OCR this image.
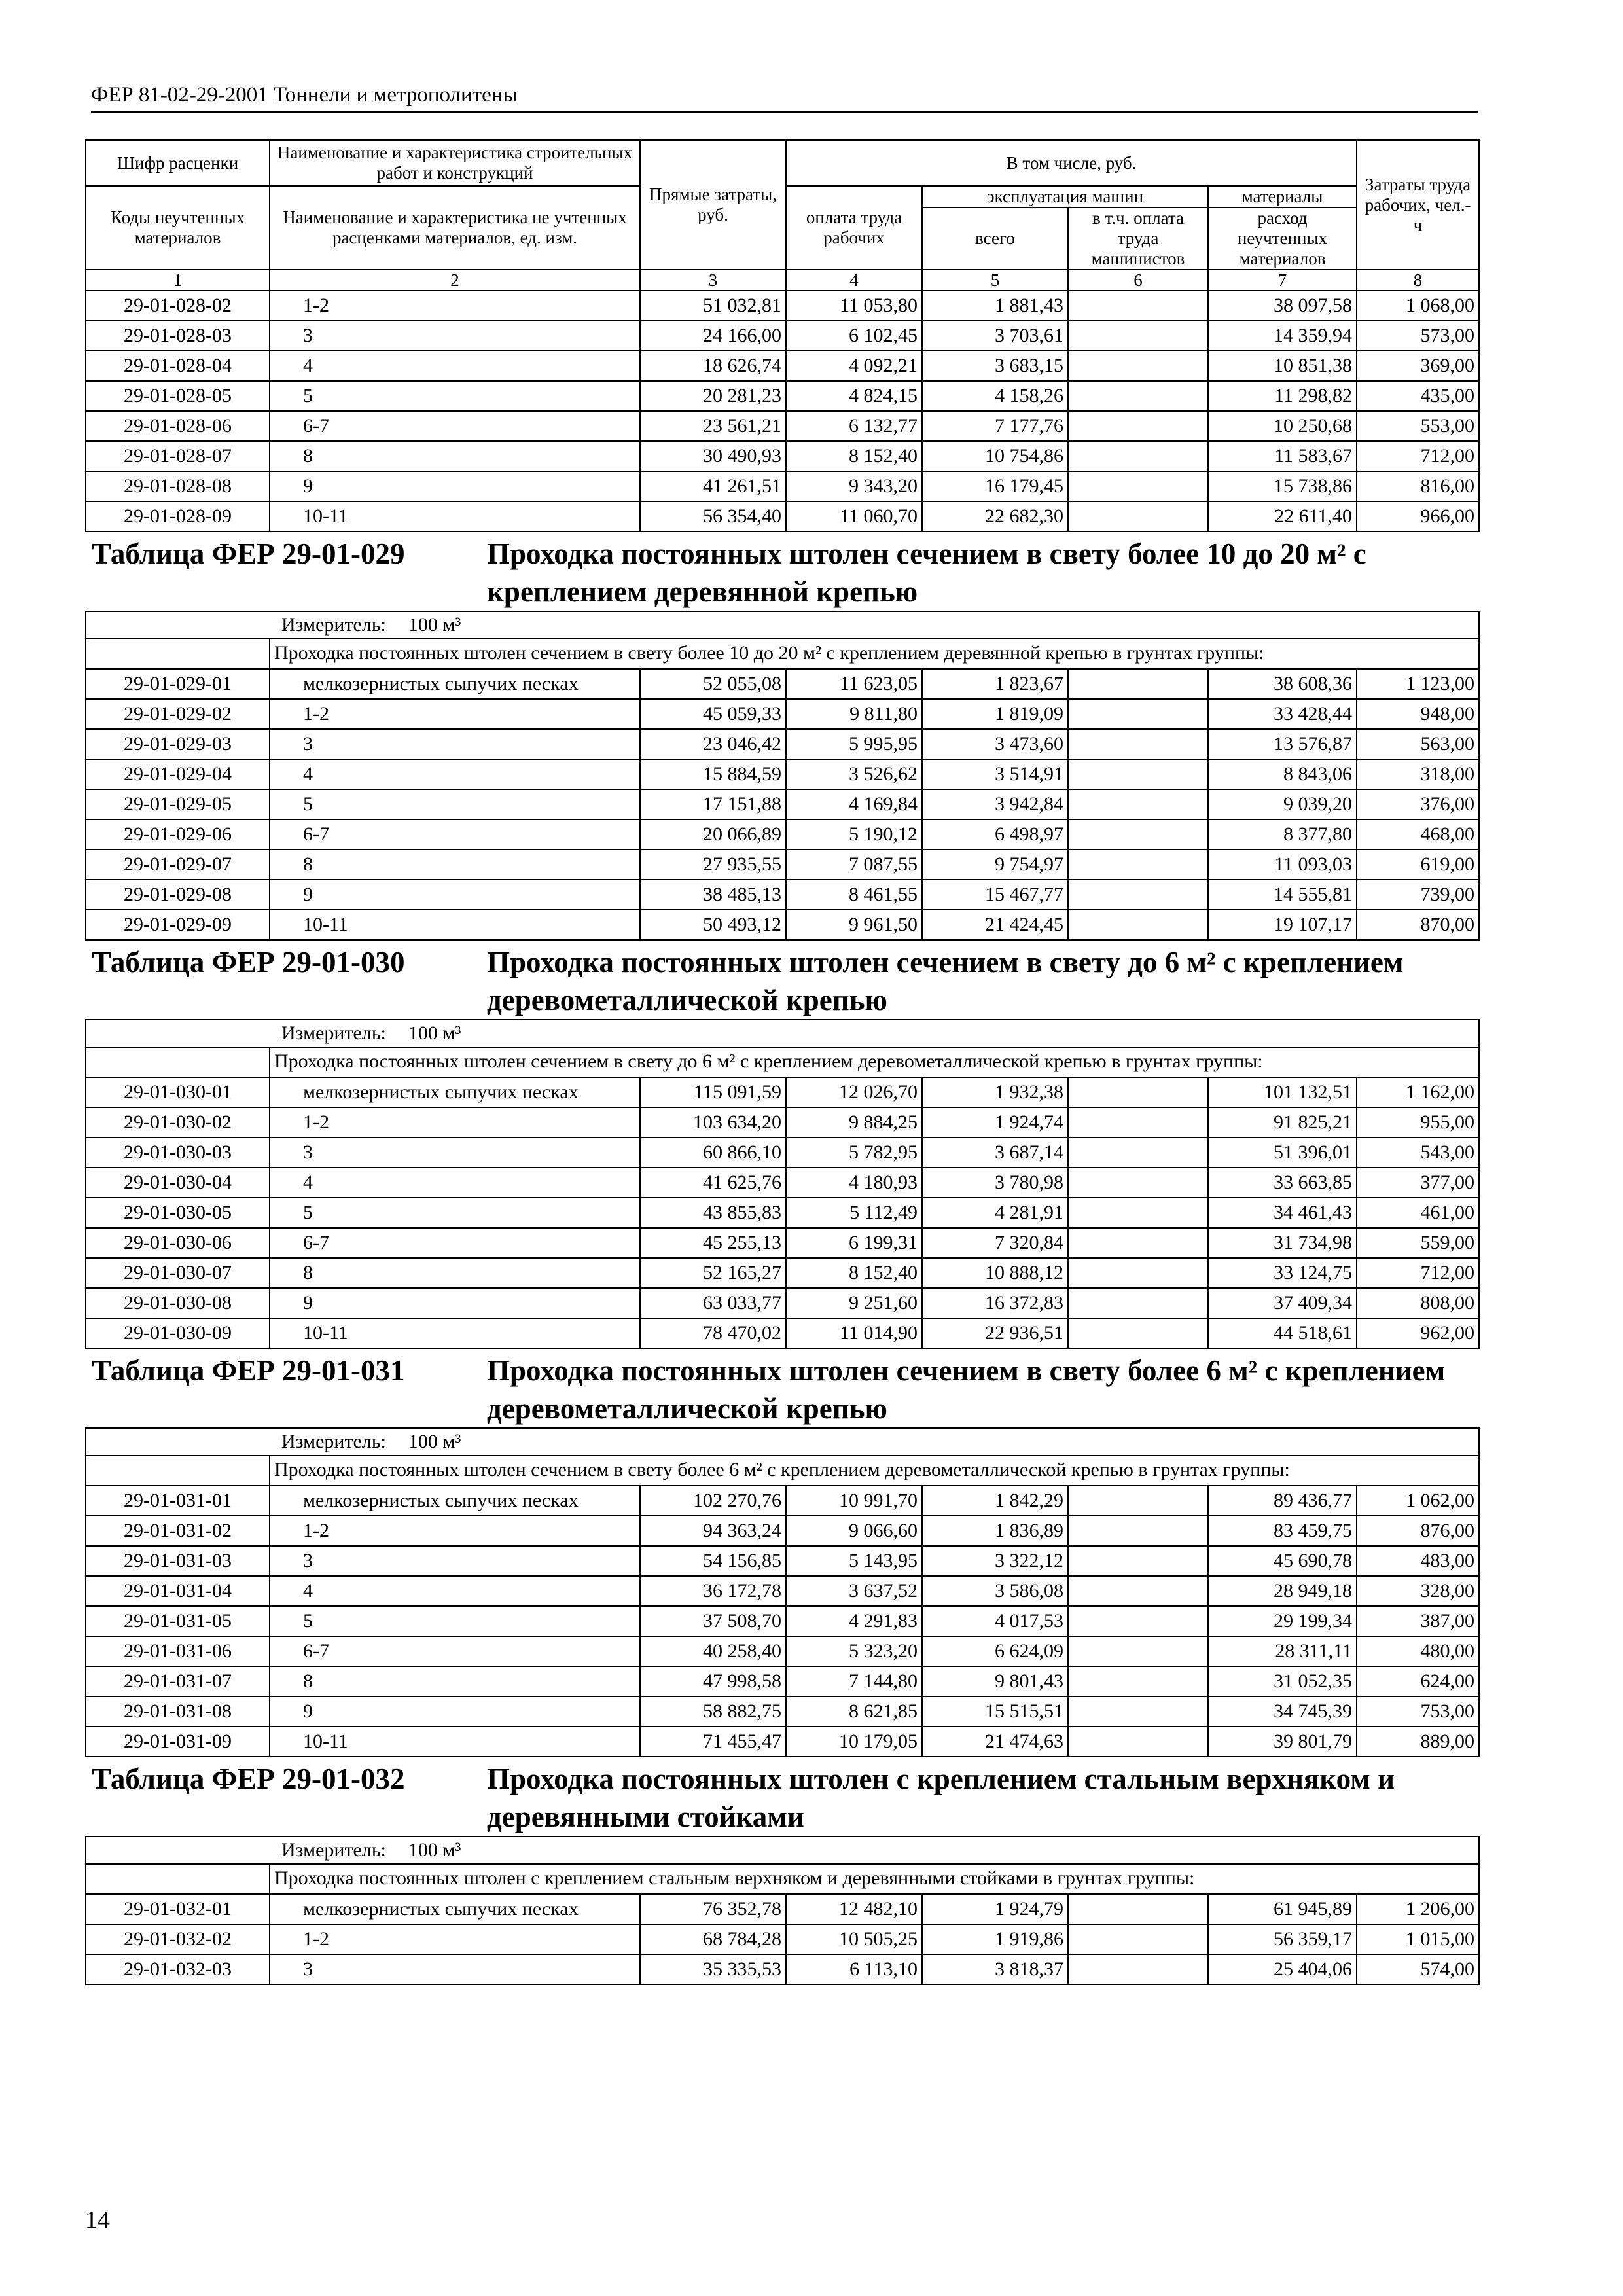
ФЕР 81-02-29-2001 Тоннели и метрополитены
Шифр расценки	Наименование и характеристика строительных работ и конструкций	Прямые затраты, руб.	В том числе, руб.				Затраты труда рабочих, чел.-ч	
Коды неучтенных материалов	Наименование и характеристика не учтенных расценками материалов, ед. изм.		оплата труда рабочих	эксплуатация машин		материалы		
				всего	в т.ч. оплата труда машинистов	расход неучтенных материалов		

1	2	3	4	5	6	7	8	
29-01-028-02	1-2	51 032,81	11 053,80	1 881,43		38 097,58	1 068,00	
29-01-028-03	3	24 166,00	6 102,45	3 703,61		14 359,94	573,00	
29-01-028-04	4	18 626,74	4 092,21	3 683,15		10 851,38	369,00	
29-01-028-05	5	20 281,23	4 824,15	4 158,26		11 298,82	435,00	
29-01-028-06	6-7	23 561,21	6 132,77	7 177,76		10 250,68	553,00	
29-01-028-07	8	30 490,93	8 152,40	10 754,86		11 583,67	712,00	
29-01-028-08	9	41 261,51	9 343,20	16 179,45		15 738,86	816,00	
29-01-028-09	10-11	56 354,40	11 060,70	22 682,30		22 611,40	966,00	

Таблица ФЕР 29-01-029 Проходка постоянных штолен сечением в свету более 10 до 20 м² с креплением деревянной крепью								

Измеритель: 100 м³								

	Проходка постоянных штолен сечением в свету более 10 до 20 м² с креплением деревянной крепью в грунтах группы:							
29-01-029-01	мелкозернистых сыпучих песках	52 055,08	11 623,05	1 823,67		38 608,36	1 123,00	
29-01-029-02	1-2	45 059,33	9 811,80	1 819,09		33 428,44	948,00	
29-01-029-03	3	23 046,42	5 995,95	3 473,60		13 576,87	563,00	
29-01-029-04	4	15 884,59	3 526,62	3 514,91		8 843,06	318,00	
29-01-029-05	5	17 151,88	4 169,84	3 942,84		9 039,20	376,00	
29-01-029-06	6-7	20 066,89	5 190,12	6 498,97		8 377,80	468,00	
29-01-029-07	8	27 935,55	7 087,55	9 754,97		11 093,03	619,00	
29-01-029-08	9	38 485,13	8 461,55	15 467,77		14 555,81	739,00	
29-01-029-09	10-11	50 493,12	9 961,50	21 424,45		19 107,17	870,00	

Таблица ФЕР 29-01-030 Проходка постоянных штолен сечением в свету до 6 м² с креплением деревометаллической крепью								

Измеритель: 100 м³								

	Проходка постоянных штолен сечением в свету до 6 м² с креплением деревометаллической крепью в грунтах группы:							
29-01-030-01	мелкозернистых сыпучих песках	115 091,59	12 026,70	1 932,38		101 132,51	1 162,00	
29-01-030-02	1-2	103 634,20	9 884,25	1 924,74		91 825,21	955,00	
29-01-030-03	3	60 866,10	5 782,95	3 687,14		51 396,01	543,00	
29-01-030-04	4	41 625,76	4 180,93	3 780,98		33 663,85	377,00	
29-01-030-05	5	43 855,83	5 112,49	4 281,91		34 461,43	461,00	
29-01-030-06	6-7	45 255,13	6 199,31	7 320,84		31 734,98	559,00	
29-01-030-07	8	52 165,27	8 152,40	10 888,12		33 124,75	712,00	
29-01-030-08	9	63 033,77	9 251,60	16 372,83		37 409,34	808,00	
29-01-030-09	10-11	78 470,02	11 014,90	22 936,51		44 518,61	962,00	

Таблица ФЕР 29-01-031 Проходка постоянных штолен сечением в свету более 6 м² с креплением деревометаллической крепью								

Измеритель: 100 м³								

	Проходка постоянных штолен сечением в свету более 6 м² с креплением деревометаллической крепью в грунтах группы:							
29-01-031-01	мелкозернистых сыпучих песках	102 270,76	10 991,70	1 842,29		89 436,77	1 062,00	
29-01-031-02	1-2	94 363,24	9 066,60	1 836,89		83 459,75	876,00	
29-01-031-03	3	54 156,85	5 143,95	3 322,12		45 690,78	483,00	
29-01-031-04	4	36 172,78	3 637,52	3 586,08		28 949,18	328,00	
29-01-031-05	5	37 508,70	4 291,83	4 017,53		29 199,34	387,00	
29-01-031-06	6-7	40 258,40	5 323,20	6 624,09		28 311,11	480,00	
29-01-031-07	8	47 998,58	7 144,80	9 801,43		31 052,35	624,00	
29-01-031-08	9	58 882,75	8 621,85	15 515,51		34 745,39	753,00	
29-01-031-09	10-11	71 455,47	10 179,05	21 474,63		39 801,79	889,00	

Таблица ФЕР 29-01-032 Проходка постоянных штолен с креплением стальным верхняком и деревянными стойками								

Измеритель: 100 м³								

	Проходка постоянных штолен с креплением стальным верхняком и деревянными стойками в грунтах группы:							
29-01-032-01	мелкозернистых сыпучих песках	76 352,78	12 482,10	1 924,79		61 945,89	1 206,00	
29-01-032-02	1-2	68 784,28	10 505,25	1 919,86		56 359,17	1 015,00	
29-01-032-03	3	35 335,53	6 113,10	3 818,37		25 404,06	574,00	
14
